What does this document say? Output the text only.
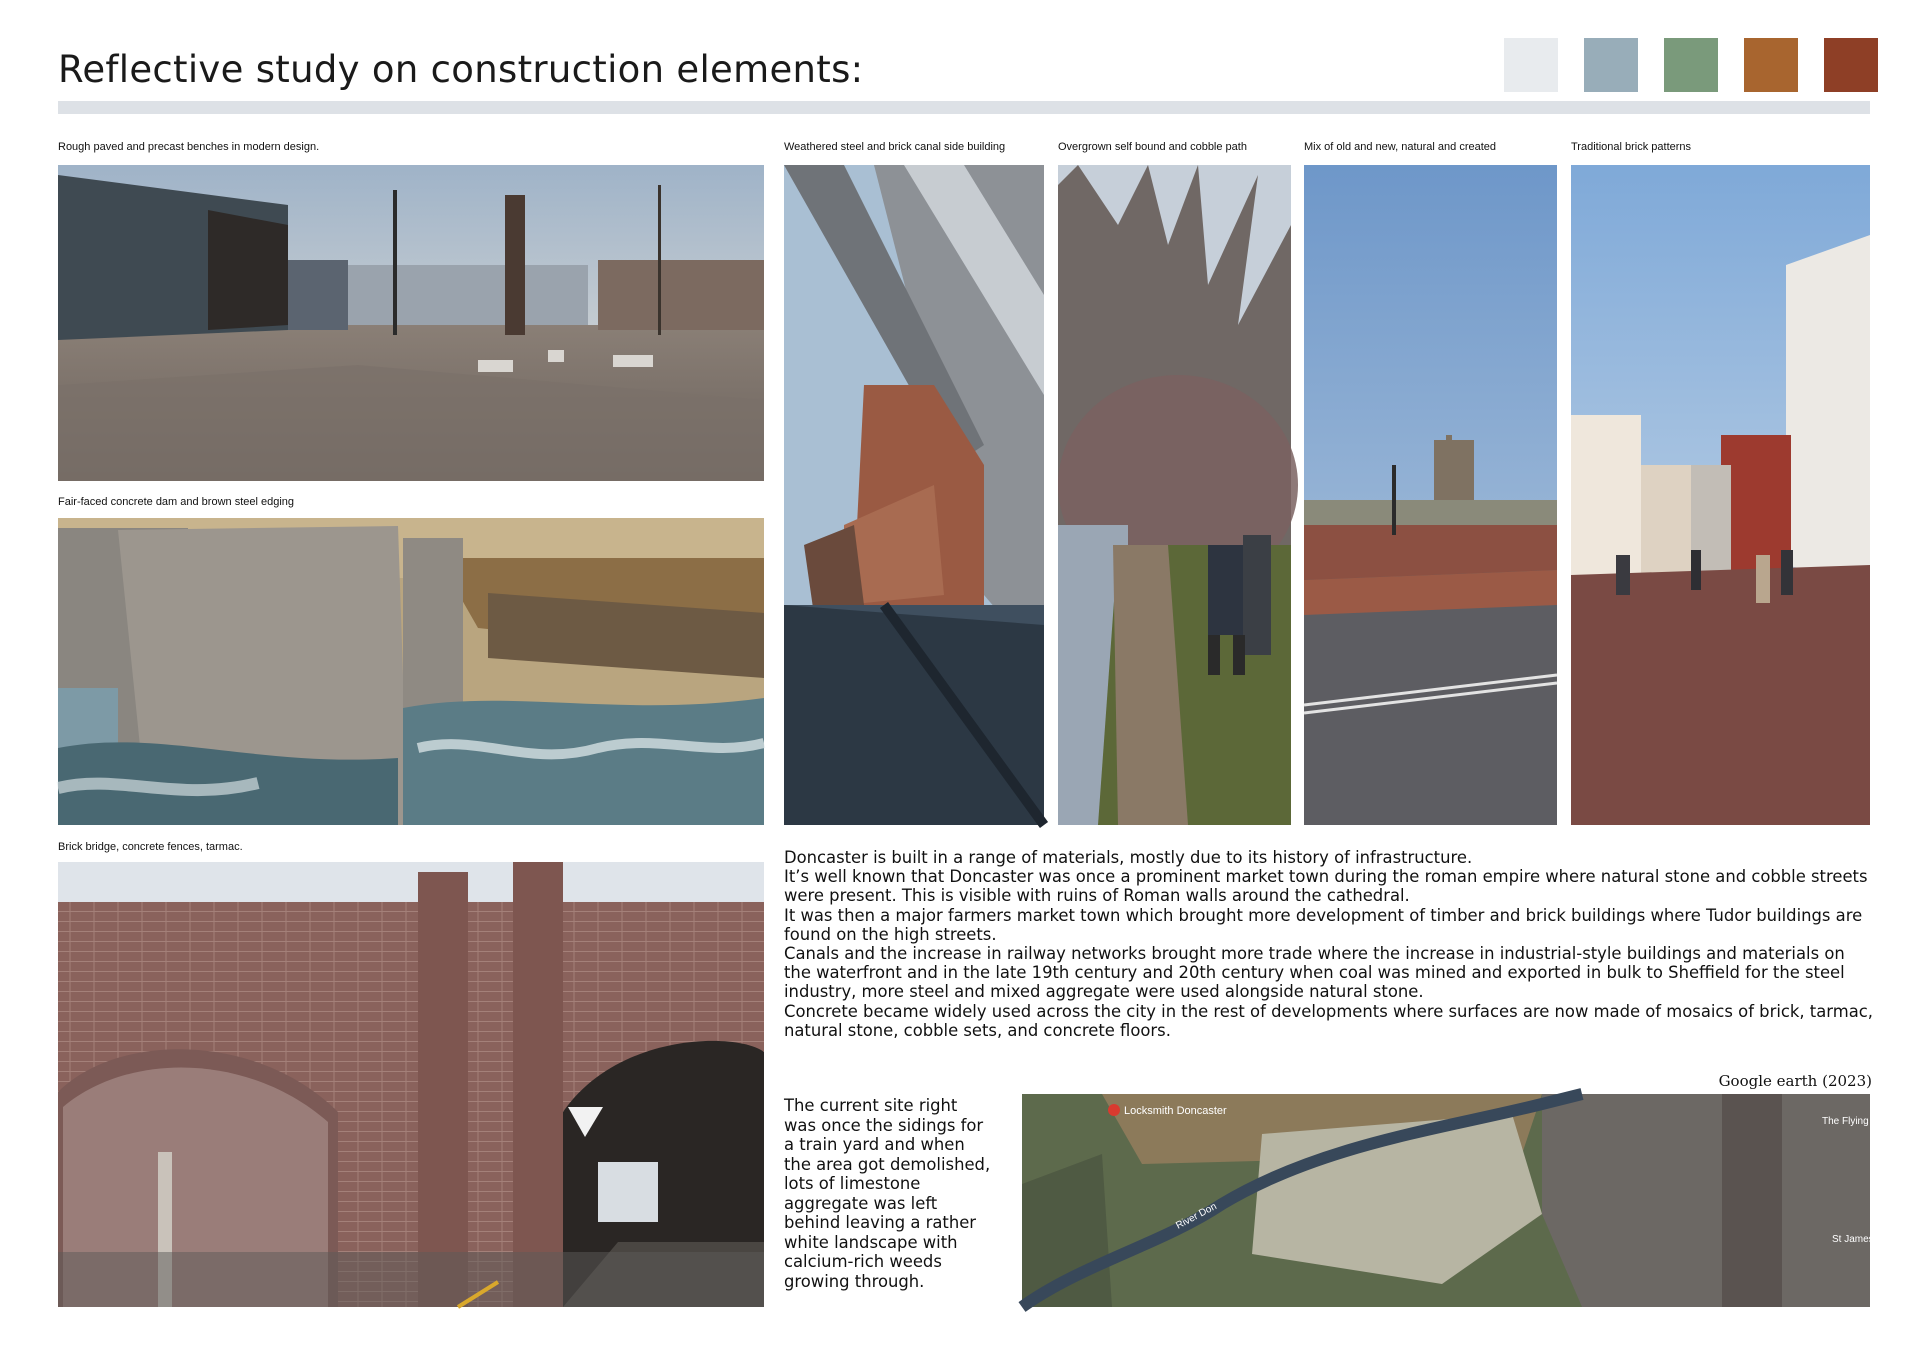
Reflective study on construction elements:
Rough paved and precast benches in modern design.
Fair-faced concrete dam and brown steel edging
Brick bridge, concrete fences, tarmac.
Weathered steel and brick canal side building	Overgrown self bound and cobble path	Mix of old and new, natural and created	Traditional brick patterns

Doncaster is built in a range of materials, mostly due to its history of infrastructure.

It’s well known that Doncaster was once a prominent market town during the roman empire where natural stone and cobble streets were present. This is visible with ruins of Roman walls around the cathedral.

It was then a major farmers market town which brought more development of timber and brick buildings where Tudor buildings are found on the high streets.

Canals and the increase in railway networks brought more trade where the increase in industrial-style buildings and materials on the waterfront and in the late 19th century and 20th century when coal was mined and exported in bulk to Sheffield for the steel industry, more steel and mixed aggregate were used alongside natural stone.

Concrete became widely used across the city in the rest of developments where surfaces are now made of mosaics of brick, tarmac, natural stone, cobble sets, and concrete floors.

Google earth (2023)
The current site right was once the sidings for a train yard and when the area got demolished, lots of limestone aggregate was left behind leaving a rather white landscape with calcium-rich weeds growing through.
Locksmith Doncaster
River Don
The Flying Health Cl
St James Don
